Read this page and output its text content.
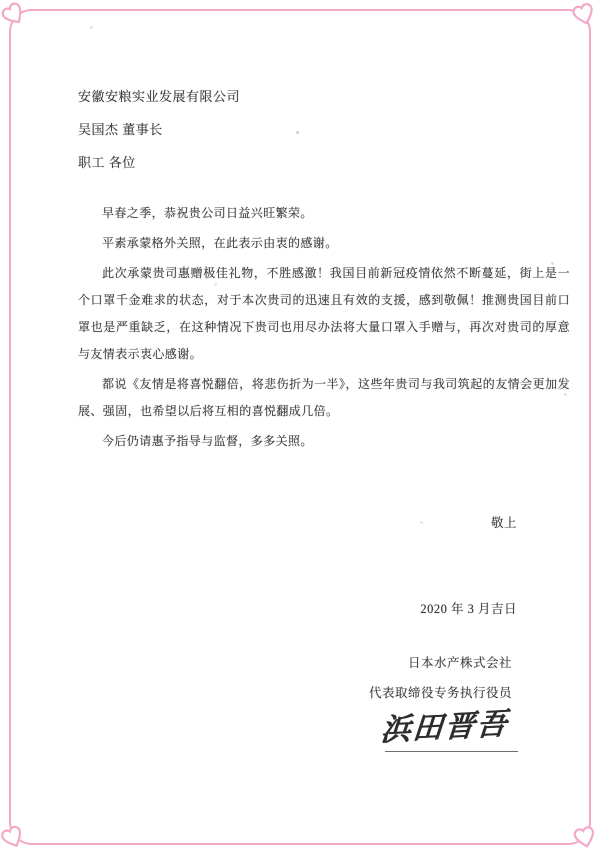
安徽安粮实业发展有限公司
吴国杰 董事长
职工 各位

早春之季，恭祝贵公司日益兴旺繁荣。

平素承蒙格外关照，在此表示由衷的感谢。

此次承蒙贵司惠赠极佳礼物，不胜感激！我国目前新冠疫情依然不断蔓延，街上是一个口罩千金难求的状态，对于本次贵司的迅速且有效的支援，感到敬佩！推测贵国目前口罩也是严重缺乏，在这种情况下贵司也用尽办法将大量口罩入手赠与，再次对贵司的厚意与友情表示衷心感谢。

都说《友情是将喜悦翻倍，将悲伤折为一半》，这些年贵司与我司筑起的友情会更加发展、强固，也希望以后将互相的喜悦翻成几倍。

今后仍请惠予指导与监督，多多关照。

敬上
2020 年 3 月吉日
日本水产株式会社
代表取缔役专务执行役员
浜田晋吾
